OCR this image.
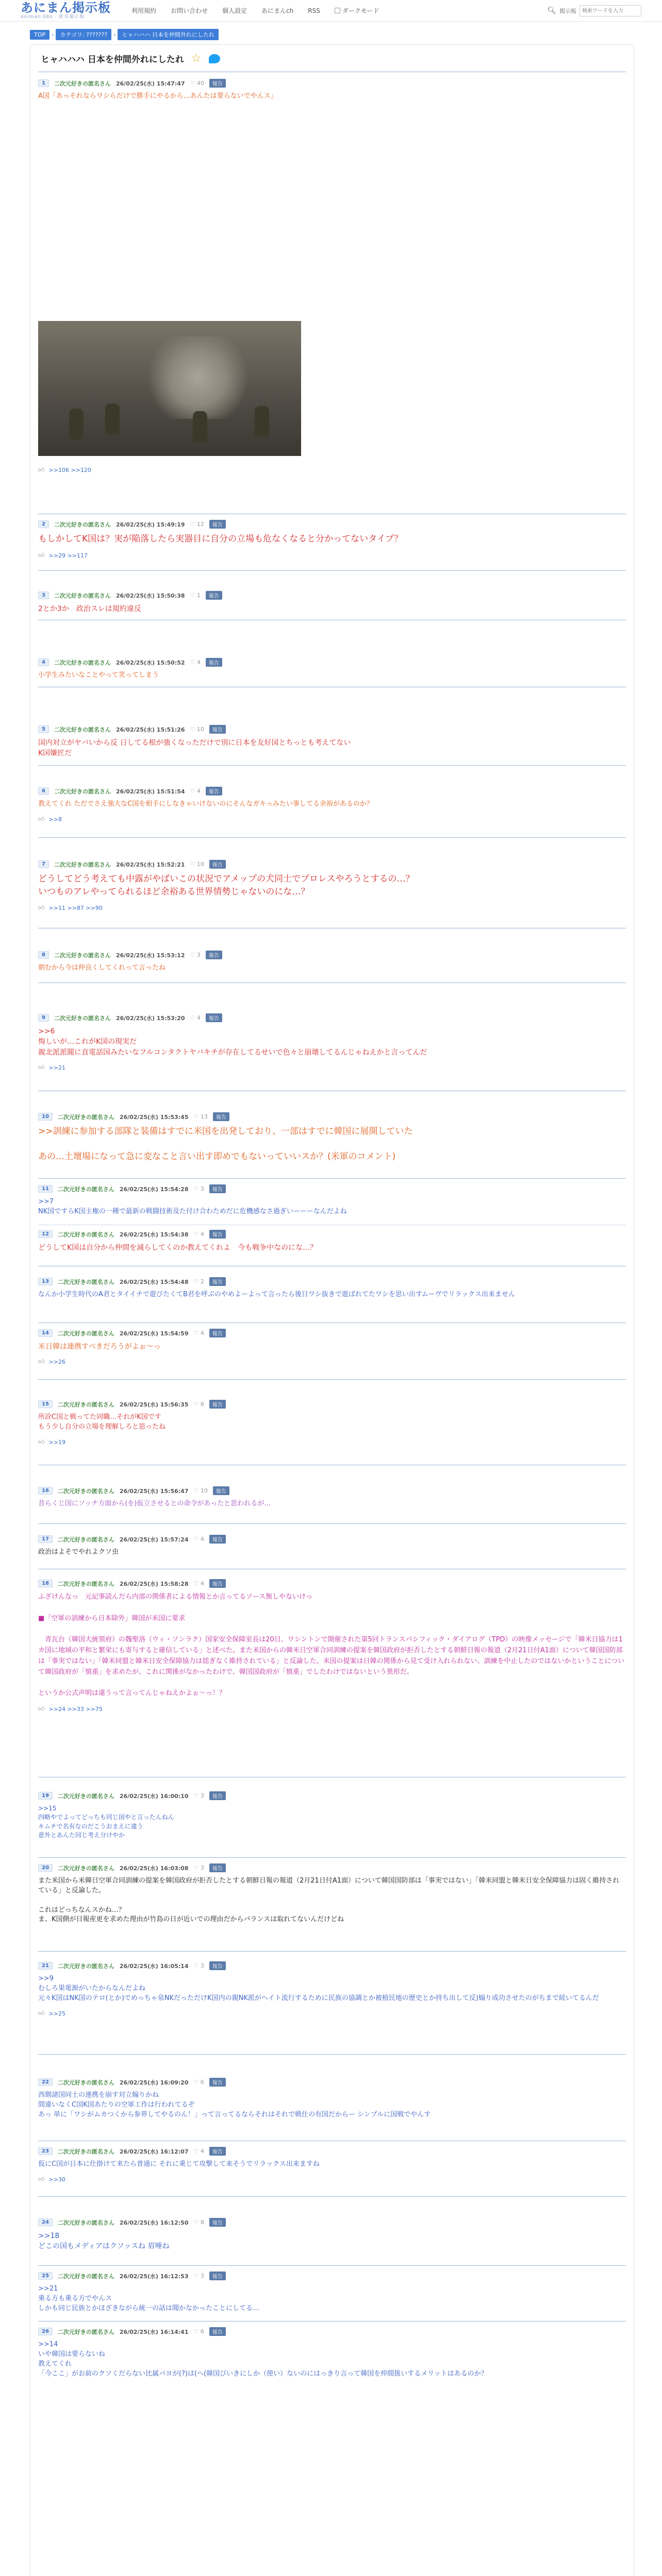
あにまん掲示板
animan bbs · 匿名掲示板
利用規約 お問い合わせ 個人設定 あにまんch RSS	ダークモード	🔍︎ 掲示板
検索ワードを入力
TOP	›	カテゴリ: ???????	›	ヒャハハハ 日本を仲間外れにしたれ
ヒャハハハ 日本を仲間外れにしたれ ☆
1	二次元好きの匿名さん 26/02/25(水) 15:47:47 ♡ 40	報告
A国「あっそれならワシらだけで勝手にやるから…あんたは要らないでやんス」
👍︎ >>106 >>120
2	二次元好きの匿名さん 26/02/25(水) 15:49:19 ♡ 12	報告
もしかしてK国は？実が陥落したら実器目に自分の立場も危なくなると分かってないタイプ？
👍︎ >>29 >>117
3	二次元好きの匿名さん 26/02/25(水) 15:50:38 ♡ 1	報告
2とか3か　政治スレは規約違反
4	二次元好きの匿名さん 26/02/25(水) 15:50:52 ♡ 4	報告
小学生みたいなことやって笑ってしまう
5	二次元好きの匿名さん 26/02/25(水) 15:51:26 ♡ 10	報告
国内対立がヤバいから反 日してる根が強くなっただけで別に日本を友好国とちっとも考えてない
K国嫌匠だ
6	二次元好きの匿名さん 26/02/25(水) 15:51:54 ♡ 4	報告
教えてくれ ただでさえ強大なC国を相手にしなきゃいけないのにそんなガキっみたい事してる余裕があるのか？
👍︎ >>8
7	二次元好きの匿名さん 26/02/25(水) 15:52:21 ♡ 10	報告
どうしてどう考えても中露がやばいこの状況でアメップの犬同士でプロレスやろうとするの…？
いつものアレやってられるほど余裕ある世界情勢じゃないのにな…？
👍︎ >>11 >>87 >>90
8	二次元好きの匿名さん 26/02/25(水) 15:53:12 ♡ 3	報告
朝むから今は仲良くしてくれって言ったね
9	二次元好きの匿名さん 26/02/25(水) 15:53:20 ♡ 4	報告
>>6
悔しいが…これがK国の現実だ
親北派派閥に直電話国みたいなフルコンタクトヤバキチが存在してるせいで色々と崩壊してるんじゃねえかと言ってんだ
👍︎ >>21
10	二次元好きの匿名さん 26/02/25(水) 15:53:45 ♡ 13	報告
>>訓練に参加する部隊と装備はすでに米国を出発しており、一部はすでに韓国に展開していた

あの…土壇場になって急に変なこと言い出す即めでもないっていいスか？(米軍のコメント)
11	二次元好きの匿名さん 26/02/25(水) 15:54:28 ♡ 3	報告
>>7
NK国ですらK国主権の一種で最新の戦闘技術及た付け合わためだに危機感なさ過ぎいーーーなんだよね
12	二次元好きの匿名さん 26/02/25(水) 15:54:38 ♡ 4	報告
どうしてK国は自分から仲間を減らしてくのか教えてくれよ　今も戦争中なのにな…？
13	二次元好きの匿名さん 26/02/25(水) 15:54:48 ♡ 2	報告
なんか小学生時代のA君とタイイチで遊びたくてB君を呼ぶのやめよーよって言ったら後日ワシ抜きで遊ばれてたワシを思い出すムーヴでリラックス出来ません
14	二次元好きの匿名さん 26/02/25(水) 15:54:59 ♡ 4	報告
米日韓は連携すべきだろうがよぉ～っ
👍︎ >>26
15	二次元好きの匿名さん 26/02/25(水) 15:56:35 ♡ 6	報告
所詮C国と戦ってた同職…それがK国です
もう少し自分の立場を理解しろと思ったね
👍︎ >>19
16	二次元好きの匿名さん 26/02/25(水) 15:56:47 ♡ 10	報告
昔らくじ国にソッチ方面から(を)仮立させるとの命令があったと思われるが…
17	二次元好きの匿名さん 26/02/25(水) 15:57:24 ♡ 4	報告
政治はよそでやれよクソ虫
18	二次元好きの匿名さん 26/02/25(水) 15:58:28 ♡ 4	報告
ふざけんなっ　元記事読んだら内部の関係者による情報とか言ってるソース無しやないけっ

■「空軍の訓練から日本除外」韓国が米国に要求

　青瓦台（韓国大統領府）の魏聖洛（ウィ・ソンラク）国家安全保障室長は20日、ワシントンで開催された第5回トランスパシフィック・ダイアログ（TPD）の映像メッセージで「韓米日協力は1カ国に地域の平和と繁栄にも寄与すると確信している」と述べた。また米国からの韓米日空軍合同訓練の提案を韓国政府が拒否したとする朝鮮日報の報道（2月21日付A1面）について韓国国防部は「事実ではない」「韓米同盟と韓米日安全保障協力は揺ぎなく維持されている」と反論した。米国の提案は日韓の関係から見て受け入れられない、訓練を中止したのではないかということについて韓国政府が「慎重」を求めたが、これに関係がなかったわけで、韓国国政府が「慎重」でしたわけではないという異形だ。

というか公式声明は違うって言ってんじゃねえかよぉ～っ！？
👍︎ >>24 >>33 >>75
19	二次元好きの匿名さん 26/02/25(水) 16:00:10 ♡ 3	報告
>>15
四略やでよってどっちも同じ国やと言ったんねん
キムチで名有なのだこうおまえに違う
意外とあんた同じ考え分けやか
20	二次元好きの匿名さん 26/02/25(水) 16:03:08 ♡ 3	報告
また米国から米韓日空軍合同訓練の提案を韓国政府が拒否したとする朝鮮日報の報道（2月21日付A1面）について韓国国防部は「事実ではない」「韓米同盟と韓米日安全保障協力は固く維持されている」と反論した。

これはどっちなんスかね…？
ま、K国側が日報産更を求めた理由が竹島の日が近いでの理由だからバランスは取れてないんだけどね
21	二次元好きの匿名さん 26/02/25(水) 16:05:14 ♡ 3	報告
>>9
むしろ果電源がいたからなんだよね
元々K国はNK国のテロ(とか)でめっちゃ泉NKだっただけK国内の親NK派がヘイト流行するために民族の協調とか被植民地の歴史とか持ち出して反)煽り成功させたのがちまで続いてるんだ
👍︎ >>25
22	二次元好きの匿名さん 26/02/25(水) 16:09:20 ♡ 6	報告
西側諸国同士の連携を崩す対立煽りかね
間違いなくC国K国あたりの空軍工作は行われてるぞ
あっ 単に「ワシがムカつくから参界してやるのん！」って言ってるならそれはそれで戦仕の有国だからー シンプルに国戦でやんす
23	二次元好きの匿名さん 26/02/25(水) 16:12:07 ♡ 4	報告
仮にC国が日本に仕掛けて来たら普通に それに乗じて攻撃して来そうでリラックス出来ますね
👍︎ >>30
24	二次元好きの匿名さん 26/02/25(水) 16:12:50 ♡ 8	報告
>>18
どこの国もメディアはクソッスね 眉唾ね
25	二次元好きの匿名さん 26/02/25(水) 16:12:53 ♡ 3	報告
>>21
乗る方も乗る方でやんス
しかも同じ民族とかほざきながら統一の話は聞かなかったことにしてる…
26	二次元好きの匿名さん 26/02/25(水) 16:14:41 ♡ 6	報告
>>14
いや韓国は要らないね
教えてくれ
「今ここ」がお前のクソくだらない比属パヨが(?)は(ヘ(韓国びいきにしか（使い）ないのにはっきり言って韓国を仲間扱いするメリットはあるのか？
